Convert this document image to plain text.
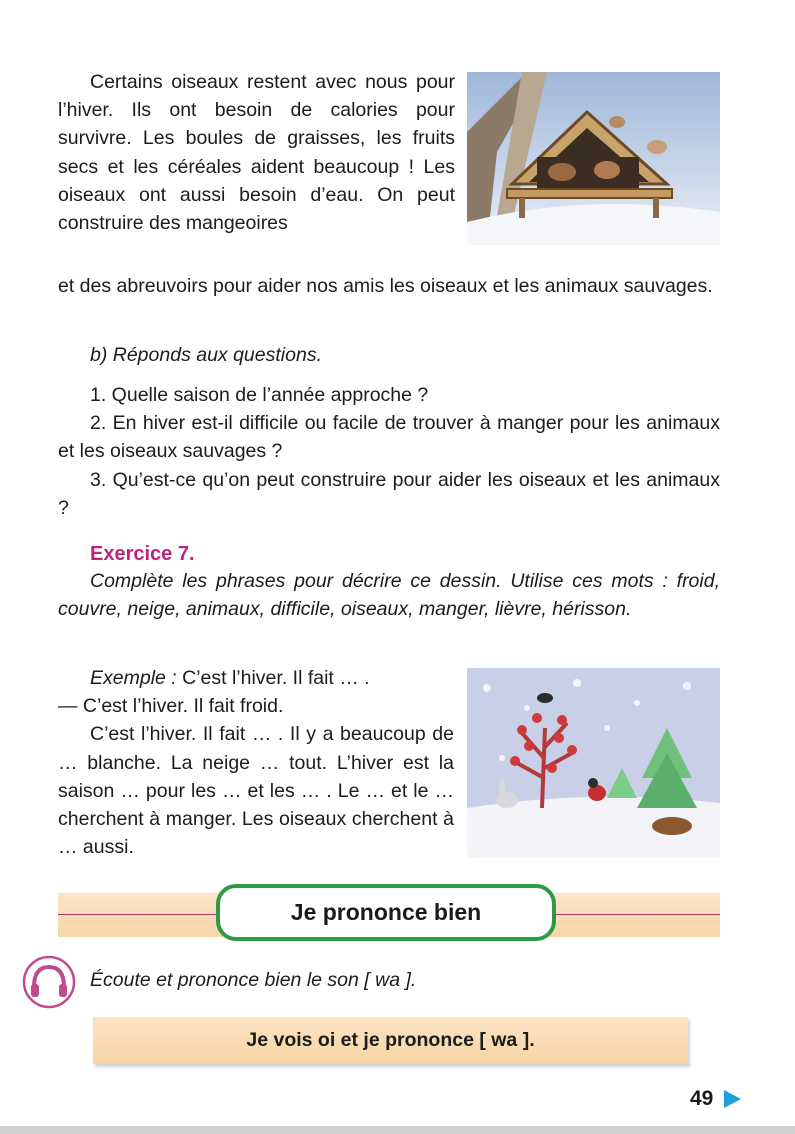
Certains oiseaux restent avec nous pour l’hiver. Ils ont besoin de calories pour survivre. Les boules de graisses, les fruits secs et les céréales aident beaucoup ! Les oiseaux ont aussi besoin d’eau. On peut construire des mangeoires

et des abreuvoirs pour aider nos amis les oiseaux et les animaux sauvages.

b) Réponds aux questions.

1. Quelle saison de l’année approche ?

2. En hiver est-il difficile ou facile de trouver à manger pour les animaux et les oiseaux sauvages ?

3. Qu’est-ce qu’on peut construire pour aider les oiseaux et les animaux ?

Exercice 7.

Complète les phrases pour décrire ce dessin. Utilise ces mots : froid, couvre, neige, animaux, difficile, oiseaux, manger, lièvre, hérisson.

Exemple : C’est l’hiver. Il fait … .

— C’est l’hiver. Il fait froid.

C’est l’hiver. Il fait … . Il y a beaucoup de … blanche. La neige … tout. L’hiver est la saison … pour les … et les … . Le … et le … cherchent à manger. Les oiseaux cherchent à … aussi.

Je prononce bien

Écoute et prononce bien le son [ wa ].

Je vois oi et je prononce [ wa ].
49
